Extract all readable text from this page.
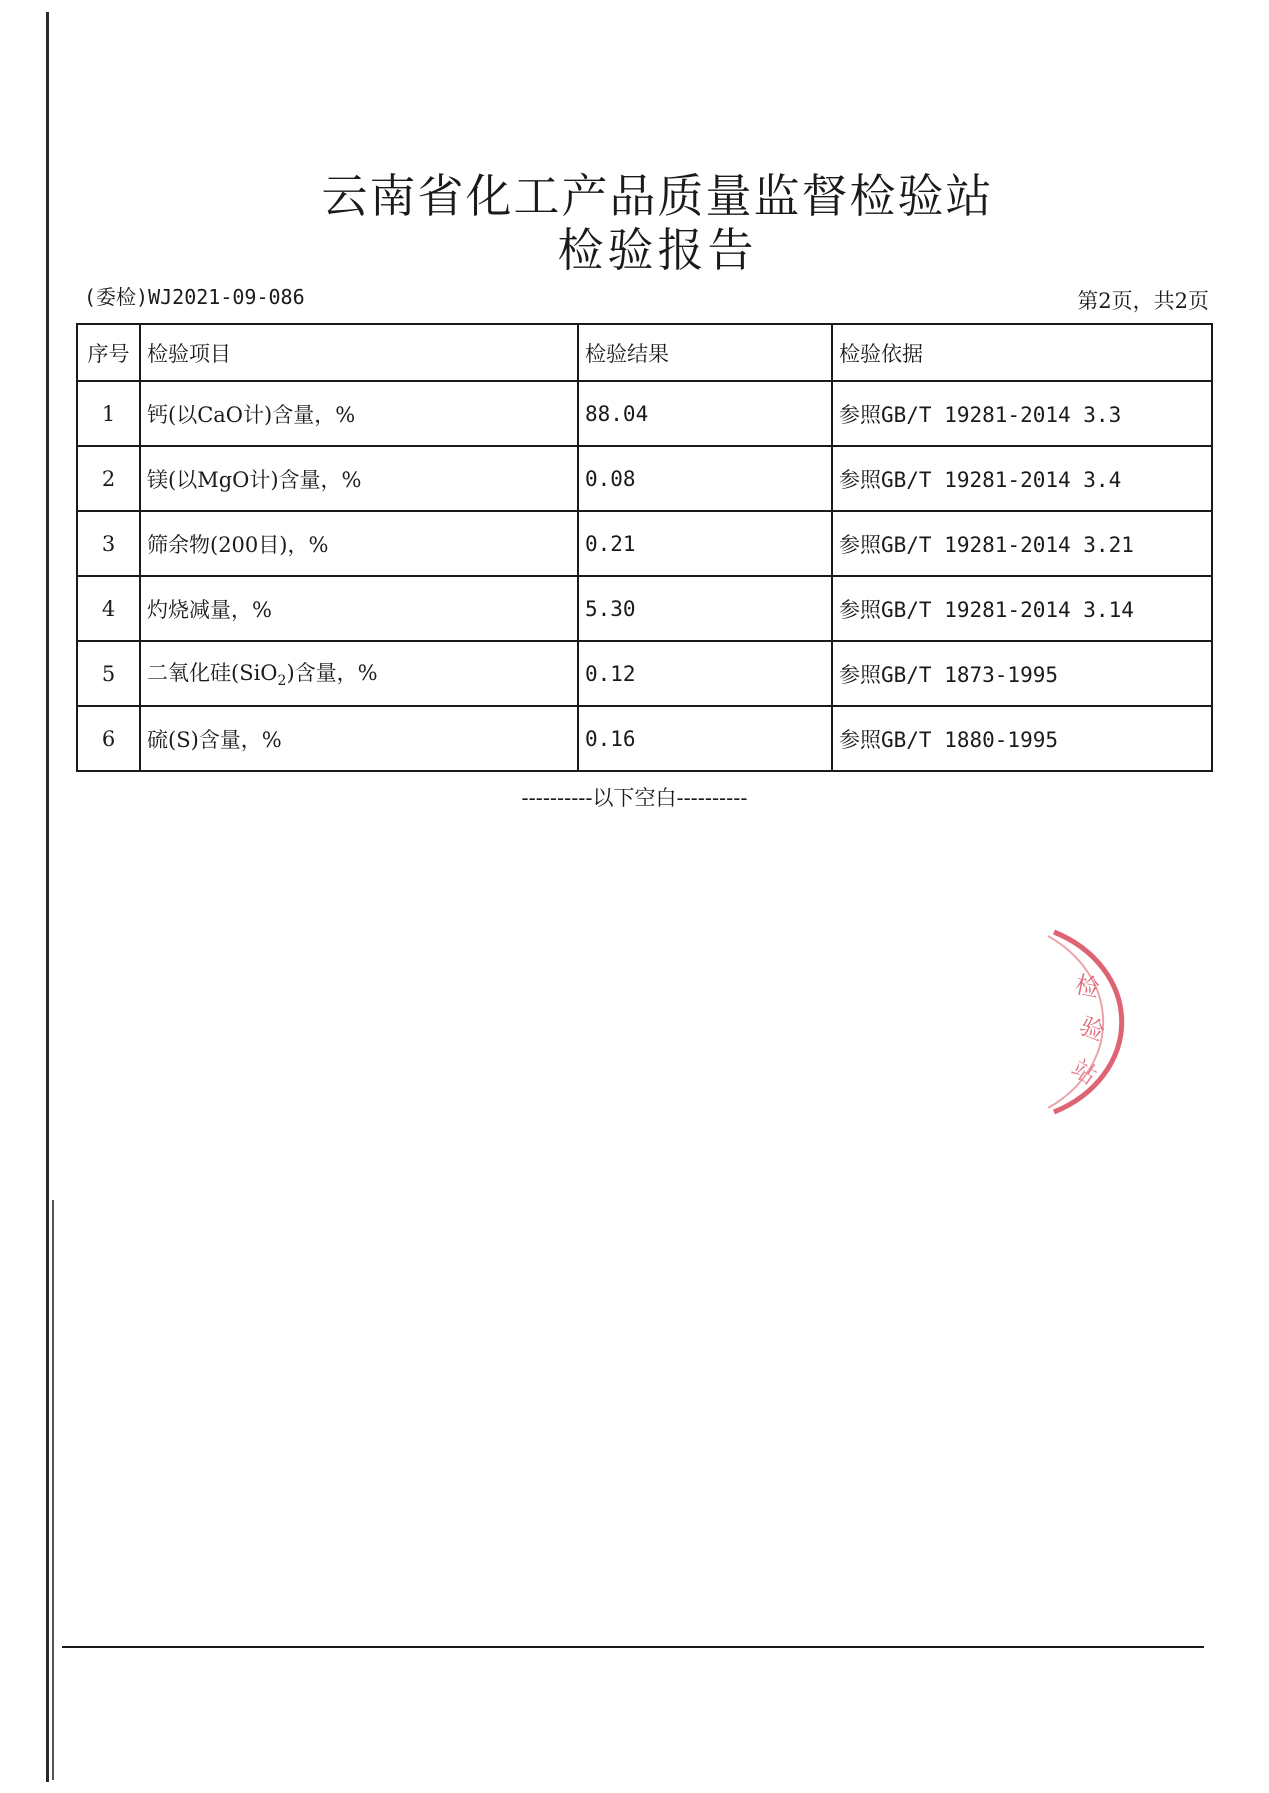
云南省化工产品质量监督检验站
检验报告
(委检)WJ2021-09-086	第2页，共2页
序号	检验项目	检验结果	检验依据
1	钙(以CaO计)含量，%	88.04	参照GB/T 19281-2014 3.3
2	镁(以MgO计)含量，%	0.08	参照GB/T 19281-2014 3.4
3	筛余物(200目)，%	0.21	参照GB/T 19281-2014 3.21
4	灼烧减量，%	5.30	参照GB/T 19281-2014 3.14
5	二氧化硅(SiO$_2$)含量，%	0.12	参照GB/T 1873-1995
6	硫(S)含量，%	0.16	参照GB/T 1880-1995
----------以下空白----------
检
验
站
